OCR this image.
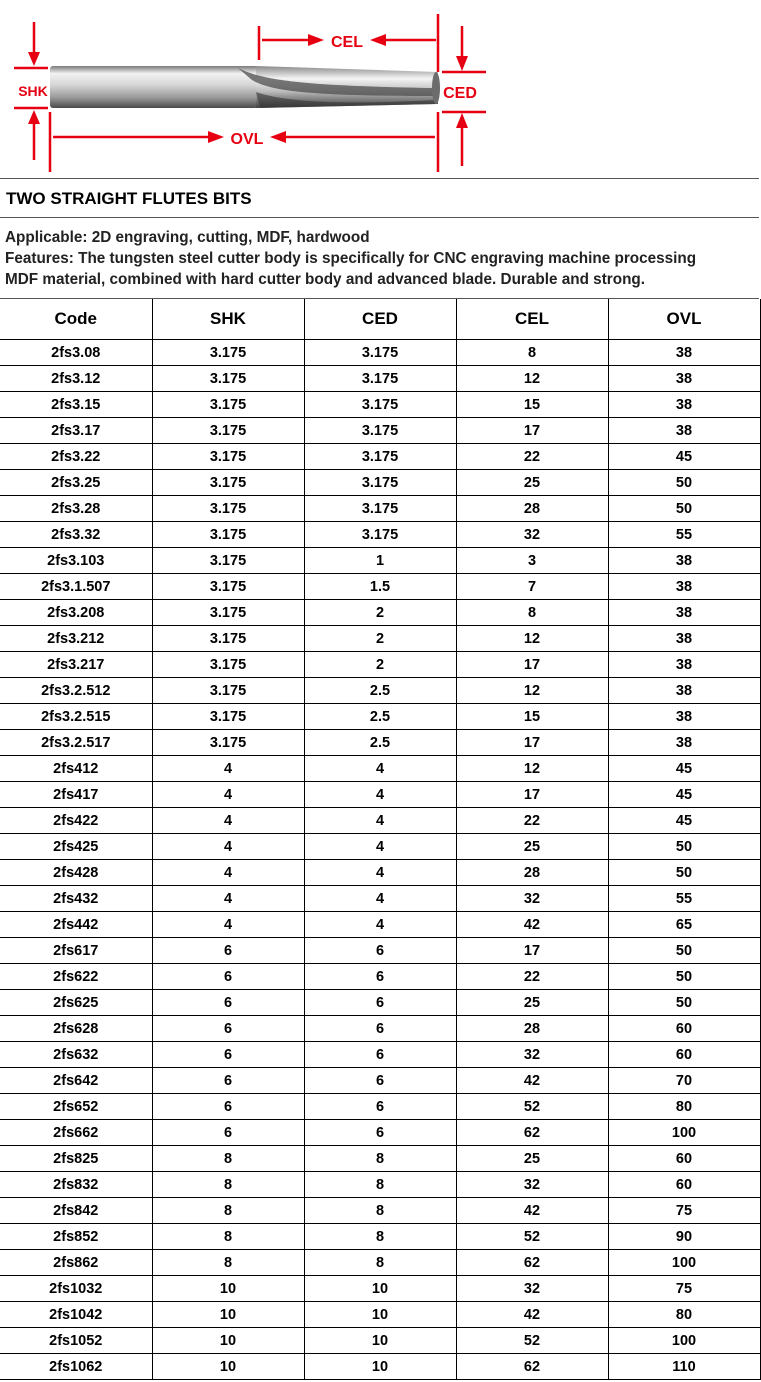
CEL
SHK	CED
OVL
TWO STRAIGHT FLUTES BITS
Applicable: 2D engraving, cutting, MDF, hardwood
Features: The tungsten steel cutter body is specifically for CNC engraving machine processing
MDF material, combined with hard cutter body and advanced blade. Durable and strong.
Code	SHK	CED	CEL	OVL
2fs3.08	3.175	3.175	8	38
2fs3.12	3.175	3.175	12	38
2fs3.15	3.175	3.175	15	38
2fs3.17	3.175	3.175	17	38
2fs3.22	3.175	3.175	22	45
2fs3.25	3.175	3.175	25	50
2fs3.28	3.175	3.175	28	50
2fs3.32	3.175	3.175	32	55
2fs3.103	3.175	1	3	38
2fs3.1.507	3.175	1.5	7	38
2fs3.208	3.175	2	8	38
2fs3.212	3.175	2	12	38
2fs3.217	3.175	2	17	38
2fs3.2.512	3.175	2.5	12	38
2fs3.2.515	3.175	2.5	15	38
2fs3.2.517	3.175	2.5	17	38
2fs412	4	4	12	45
2fs417	4	4	17	45
2fs422	4	4	22	45
2fs425	4	4	25	50
2fs428	4	4	28	50
2fs432	4	4	32	55
2fs442	4	4	42	65
2fs617	6	6	17	50
2fs622	6	6	22	50
2fs625	6	6	25	50
2fs628	6	6	28	60
2fs632	6	6	32	60
2fs642	6	6	42	70
2fs652	6	6	52	80
2fs662	6	6	62	100
2fs825	8	8	25	60
2fs832	8	8	32	60
2fs842	8	8	42	75
2fs852	8	8	52	90
2fs862	8	8	62	100
2fs1032	10	10	32	75
2fs1042	10	10	42	80
2fs1052	10	10	52	100
2fs1062	10	10	62	110
